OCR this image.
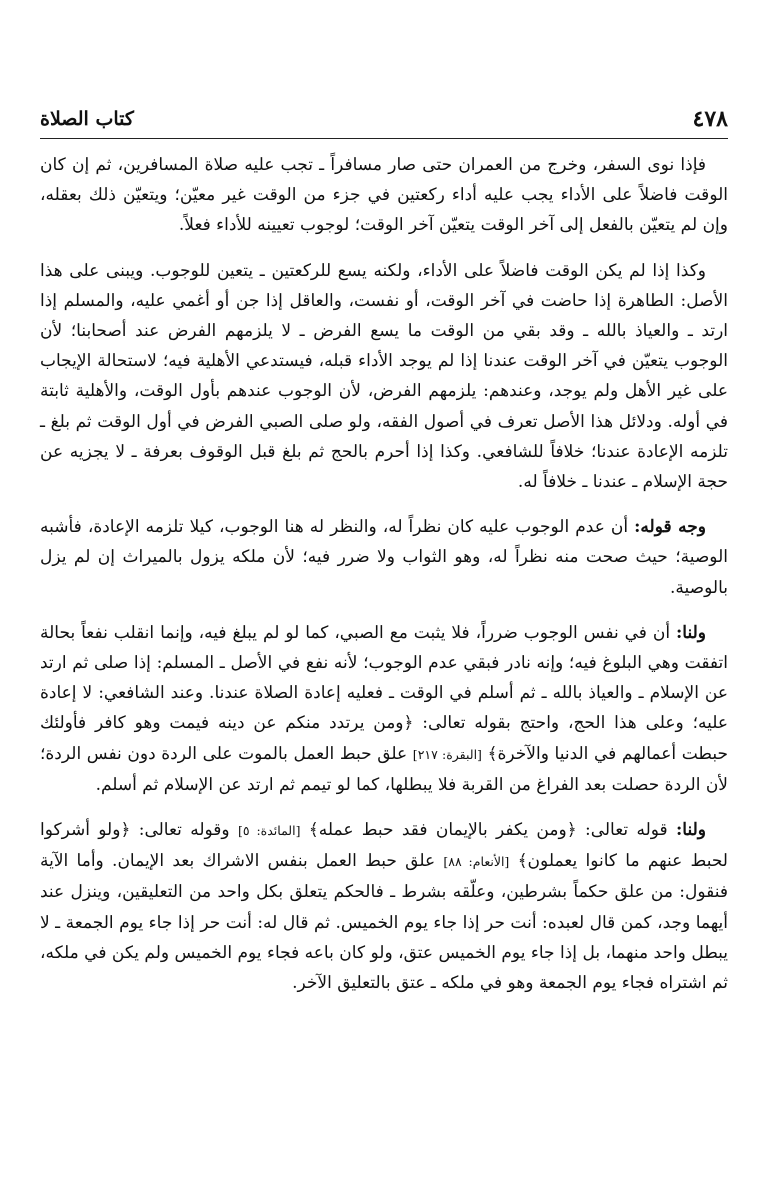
٤٧٨
كتاب الصلاة

فإذا نوى السفر، وخرج من العمران حتى صار مسافراً ـ تجب عليه صلاة المسافرين، ثم إن كان الوقت فاضلاً على الأداء يجب عليه أداء ركعتين في جزء من الوقت غير معيّن؛ ويتعيّن ذلك بعقله، وإن لم يتعيّن بالفعل إلى آخر الوقت يتعيّن آخر الوقت؛ لوجوب تعيينه للأداء فعلاً.

وكذا إذا لم يكن الوقت فاضلاً على الأداء، ولكنه يسع للركعتين ـ يتعين للوجوب. ويبنى على هذا الأصل: الطاهرة إذا حاضت في آخر الوقت، أو نفست، والعاقل إذا جن أو أغمي عليه، والمسلم إذا ارتد ـ والعياذ بالله ـ وقد بقي من الوقت ما يسع الفرض ـ لا يلزمهم الفرض عند أصحابنا؛ لأن الوجوب يتعيّن في آخر الوقت عندنا إذا لم يوجد الأداء قبله، فيستدعي الأهلية فيه؛ لاستحالة الإيجاب على غير الأهل ولم يوجد، وعندهم: يلزمهم الفرض، لأن الوجوب عندهم بأول الوقت، والأهلية ثابتة في أوله. ودلائل هذا الأصل تعرف في أصول الفقه، ولو صلى الصبي الفرض في أول الوقت ثم بلغ ـ تلزمه الإعادة عندنا؛ خلافاً للشافعي. وكذا إذا أحرم بالحج ثم بلغ قبل الوقوف بعرفة ـ لا يجزيه عن حجة الإسلام ـ عندنا ـ خلافاً له.

وجه قوله: أن عدم الوجوب عليه كان نظراً له، والنظر له هنا الوجوب، كيلا تلزمه الإعادة، فأشبه الوصية؛ حيث صحت منه نظراً له، وهو الثواب ولا ضرر فيه؛ لأن ملكه يزول بالميراث إن لم يزل بالوصية.

ولنا: أن في نفس الوجوب ضرراً، فلا يثبت مع الصبي، كما لو لم يبلغ فيه، وإنما انقلب نفعاً بحالة اتفقت وهي البلوغ فيه؛ وإنه نادر فبقي عدم الوجوب؛ لأنه نفع في الأصل ـ المسلم: إذا صلى ثم ارتد عن الإسلام ـ والعياذ بالله ـ ثم أسلم في الوقت ـ فعليه إعادة الصلاة عندنا. وعند الشافعي: لا إعادة عليه؛ وعلى هذا الحج، واحتج بقوله تعالى: ﴿ومن يرتدد منكم عن دينه فيمت وهو كافر فأولئك حبطت أعمالهم في الدنيا والآخرة﴾ [البقرة: ٢١٧] علق حبط العمل بالموت على الردة دون نفس الردة؛ لأن الردة حصلت بعد الفراغ من القربة فلا يبطلها، كما لو تيمم ثم ارتد عن الإسلام ثم أسلم.

ولنا: قوله تعالى: ﴿ومن يكفر بالإيمان فقد حبط عمله﴾ [المائدة: ٥] وقوله تعالى: ﴿ولو أشركوا لحبط عنهم ما كانوا يعملون﴾ [الأنعام: ٨٨] علق حبط العمل بنفس الاشراك بعد الإيمان. وأما الآية فنقول: من علق حكماً بشرطين، وعلّقه بشرط ـ فالحكم يتعلق بكل واحد من التعليقين، وينزل عند أيهما وجد، كمن قال لعبده: أنت حر إذا جاء يوم الخميس. ثم قال له: أنت حر إذا جاء يوم الجمعة ـ لا يبطل واحد منهما، بل إذا جاء يوم الخميس عتق، ولو كان باعه فجاء يوم الخميس ولم يكن في ملكه، ثم اشتراه فجاء يوم الجمعة وهو في ملكه ـ عتق بالتعليق الآخر.
